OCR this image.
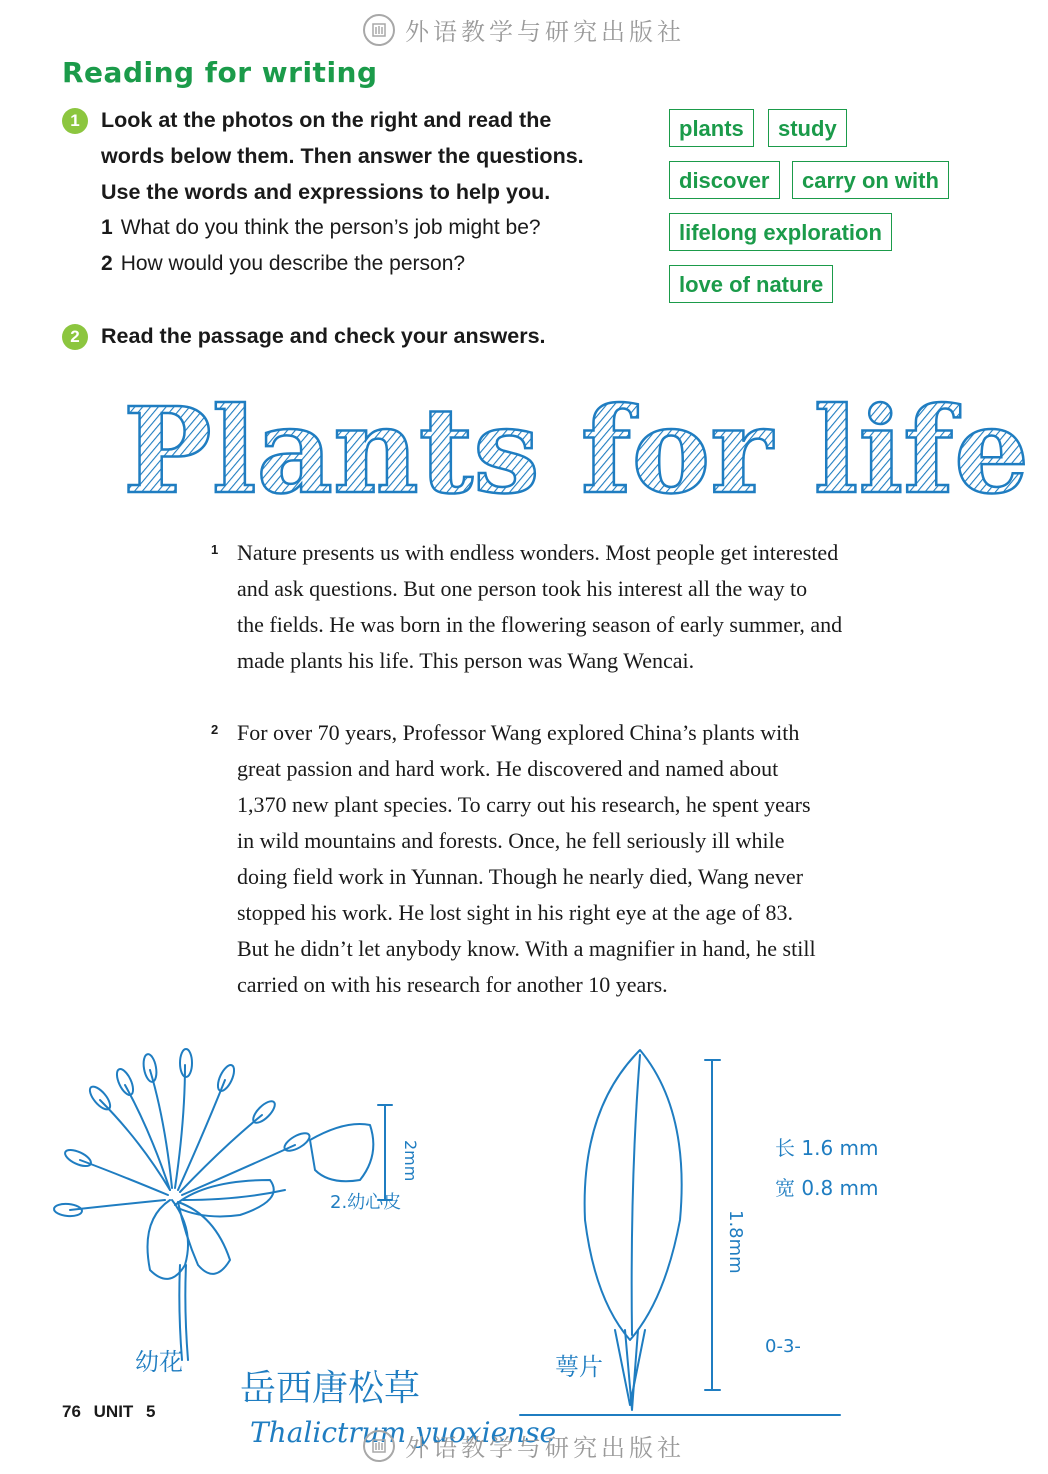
外语教学与研究出版社
Reading for writing
1 Look at the photos on the right and read the
words below them. Then answer the questions.
Use the words and expressions to help you.
1 What do you think the person’s job might be?
2 How would you describe the person?
plants	study
discover	carry on with
lifelong exploration
love of nature
2 Read the passage and check your answers.
Plants for life
1 Nature presents us with endless wonders. Most people get interested
and ask questions. But one person took his interest all the way to
the fields. He was born in the flowering season of early summer, and
made plants his life. This person was Wang Wencai.
2 For over 70 years, Professor Wang explored China’s plants with
great passion and hard work. He discovered and named about
1,370 new plant species. To carry out his research, he spent years
in wild mountains and forests. Once, he fell seriously ill while
doing field work in Yunnan. Though he nearly died, Wang never
stopped his work. He lost sight in his right eye at the age of 83.
But he didn’t let anybody know. With a magnifier in hand, he still
carried on with his research for another 10 years.
2.幼心皮
2mm
幼花
长 1.6 mm
宽 0.8 mm
1.8mm
萼片
岳西唐松草
Thalictrum yuoxiense
0-3-
76 UNIT 5
外语教学与研究出版社
